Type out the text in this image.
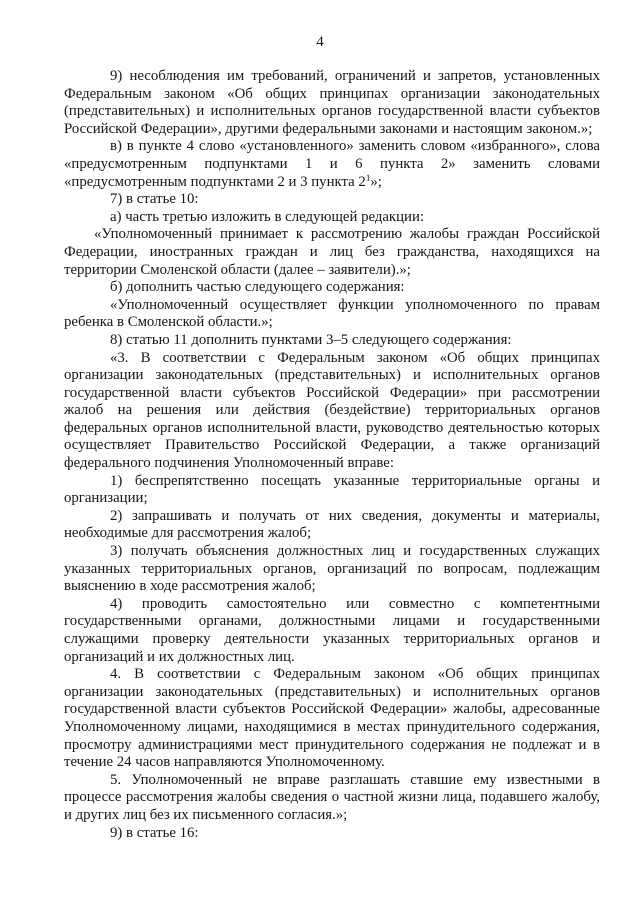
4

9) несоблюдения им требований, ограничений и запретов, установленных Федеральным законом «Об общих принципах организации законодательных (представительных) и исполнительных органов государственной власти субъектов Российской Федерации», другими федеральными законами и настоящим законом.»;

в) в пункте 4 слово «установленного» заменить словом «избранного», слова «предусмотренным подпунктами 1 и 6 пункта 2» заменить словами «предусмотренным подпунктами 2 и 3 пункта $2^1$»;

7) в статье 10:

а) часть третью изложить в следующей редакции:

«Уполномоченный принимает к рассмотрению жалобы граждан Российской Федерации, иностранных граждан и лиц без гражданства, находящихся на территории Смоленской области (далее – заявители).»;

б) дополнить частью следующего содержания:

«Уполномоченный осуществляет функции уполномоченного по правам ребенка в Смоленской области.»;

8) статью 11 дополнить пунктами 3–5 следующего содержания:

«3. В соответствии с Федеральным законом «Об общих принципах организации законодательных (представительных) и исполнительных органов государственной власти субъектов Российской Федерации» при рассмотрении жалоб на решения или действия (бездействие) территориальных органов федеральных органов исполнительной власти, руководство деятельностью которых осуществляет Правительство Российской Федерации, а также организаций федерального подчинения Уполномоченный вправе:

1) беспрепятственно посещать указанные территориальные органы и организации;

2) запрашивать и получать от них сведения, документы и материалы, необходимые для рассмотрения жалоб;

3) получать объяснения должностных лиц и государственных служащих указанных территориальных органов, организаций по вопросам, подлежащим выяснению в ходе рассмотрения жалоб;

4) проводить самостоятельно или совместно с компетентными государственными органами, должностными лицами и государственными служащими проверку деятельности указанных территориальных органов и организаций и их должностных лиц.

4. В соответствии с Федеральным законом «Об общих принципах организации законодательных (представительных) и исполнительных органов государственной власти субъектов Российской Федерации» жалобы, адресованные Уполномоченному лицами, находящимися в местах принудительного содержания, просмотру администрациями мест принудительного содержания не подлежат и в течение 24 часов направляются Уполномоченному.

5. Уполномоченный не вправе разглашать ставшие ему известными в процессе рассмотрения жалобы сведения о частной жизни лица, подавшего жалобу, и других лиц без их письменного согласия.»;

9) в статье 16:
